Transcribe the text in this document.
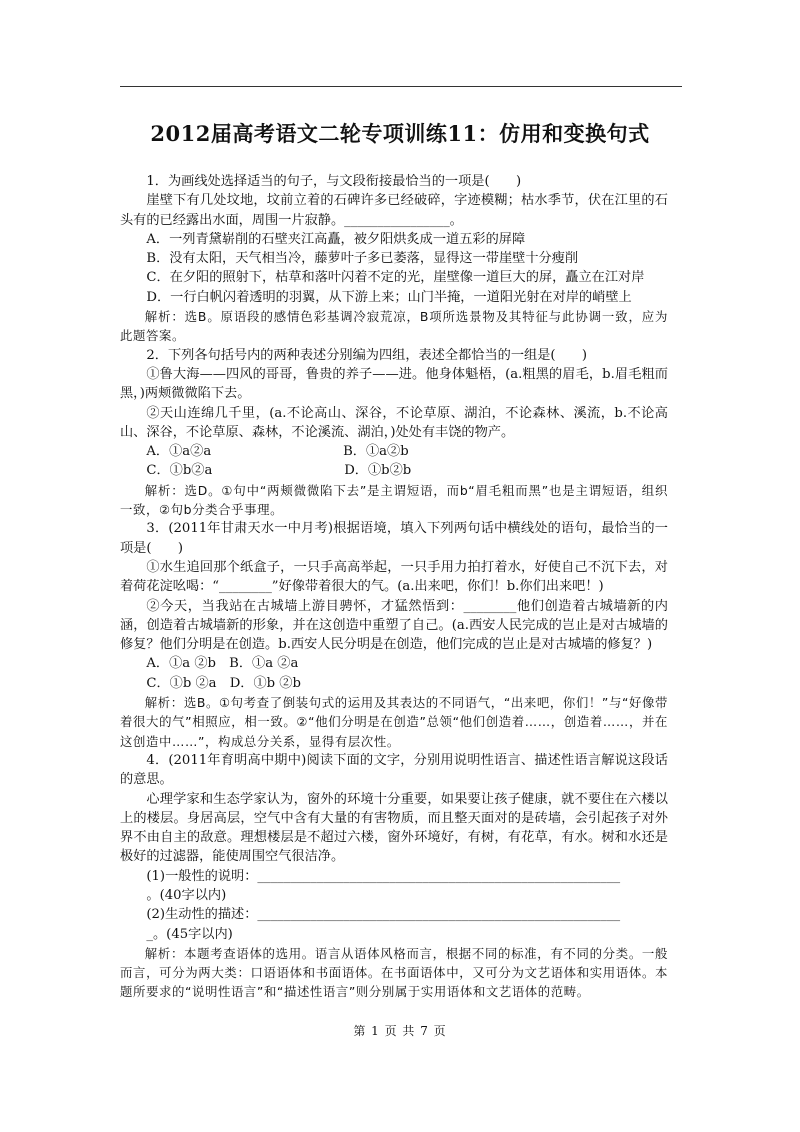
2012届高考语文二轮专项训练11：仿用和变换句式

1．为画线处选择适当的句子，与文段衔接最恰当的一项是(　　)

崖壁下有几处坟地，坟前立着的石碑许多已经破碎，字迹模糊；枯水季节，伏在江里的石头有的已经露出水面，周围一片寂静。________________。

A．一列青黛崭削的石壁夹江高矗，被夕阳烘炙成一道五彩的屏障

B．没有太阳，天气相当冷，藤萝叶子多已萎落，显得这一带崖壁十分瘦削

C．在夕阳的照射下，枯草和落叶闪着不定的光，崖壁像一道巨大的屏，矗立在江对岸

D．一行白帆闪着透明的羽翼，从下游上来；山门半掩，一道阳光射在对岸的峭壁上

解析：选B。原语段的感情色彩基调冷寂荒凉，B项所选景物及其特征与此协调一致，应为此题答案。

2．下列各句括号内的两种表述分别编为四组，表述全都恰当的一组是(　　)

①鲁大海——四风的哥哥，鲁贵的养子——进。他身体魁梧，(a.粗黑的眉毛，b.眉毛粗而黑，)两颊微微陷下去。

②天山连绵几千里，(a.不论高山、深谷，不论草原、湖泊，不论森林、溪流，b.不论高山、深谷，不论草原、森林，不论溪流、湖泊，)处处有丰饶的物产。

A．①a②a　　　　　　　　　　B．①a②b

C．①b②a　　　　　　　　　　D．①b②b

解析：选D。①句中“两颊微微陷下去”是主谓短语，而b“眉毛粗而黑”也是主谓短语，组织一致，②句b分类合乎事理。

3．(2011年甘肃天水一中月考)根据语境，填入下列两句话中横线处的语句，最恰当的一项是(　　)

①水生追回那个纸盒子，一只手高高举起，一只手用力拍打着水，好使自己不沉下去，对着荷花淀吆喝：“________”好像带着很大的气。(a.出来吧，你们！b.你们出来吧！)

②今天，当我站在古城墙上游目骋怀，才猛然悟到：________他们创造着古城墙新的内涵，创造着古城墙新的形象，并在这创造中重塑了自己。(a.西安人民完成的岂止是对古城墙的修复？他们分明是在创造。b.西安人民分明是在创造，他们完成的岂止是对古城墙的修复？)

A．①a ②b　B．①a ②a

C．①b ②a　D．①b ②b

解析：选B。①句考查了倒装句式的运用及其表达的不同语气，“出来吧，你们！”与“好像带着很大的气”相照应，相一致。②“他们分明是在创造”总领“他们创造着……，创造着……，并在这创造中……”，构成总分关系，显得有层次性。

4．(2011年育明高中期中)阅读下面的文字，分别用说明性语言、描述性语言解说这段话的意思。

心理学家和生态学家认为，窗外的环境十分重要，如果要让孩子健康，就不要住在六楼以上的楼层。身居高层，空气中含有大量的有害物质，而且整天面对的是砖墙，会引起孩子对外界不由自主的敌意。理想楼层是不超过六楼，窗外环境好，有树，有花草，有水。树和水还是极好的过滤器，能使周围空气很洁净。

(1)一般性的说明：_______________________________________________________

。(40字以内)

(2)生动性的描述：_______________________________________________________

_。(45字以内)

解析：本题考查语体的选用。语言从语体风格而言，根据不同的标准，有不同的分类。一般而言，可分为两大类：口语语体和书面语体。在书面语体中，又可分为文艺语体和实用语体。本题所要求的“说明性语言”和“描述性语言”则分别属于实用语体和文艺语体的范畴。

第 1 页 共 7 页
